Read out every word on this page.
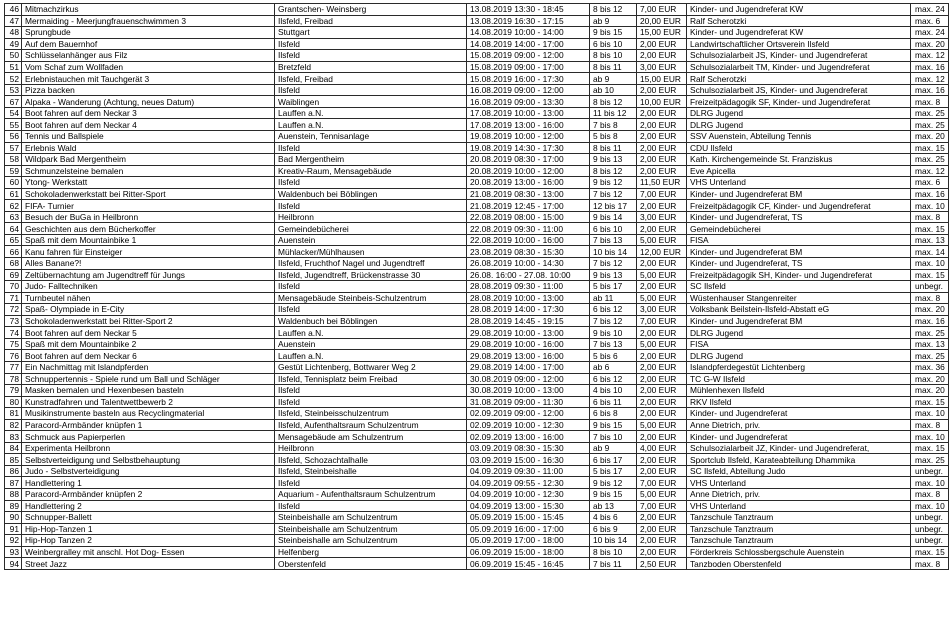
46	Mitmachzirkus	Grantschen- Weinsberg	13.08.2019 13:30 - 18:45	8 bis 12	7,00 EUR	Kinder- und Jugendreferat KW	max. 24
47	Mermaiding - Meerjungfrauenschwimmen 3	Ilsfeld, Freibad	13.08.2019 16:30 - 17:15	ab 9	20,00 EUR	Ralf Scherotzki	max. 6
48	Sprungbude	Stuttgart	14.08.2019 10:00 - 14:00	9 bis 15	15,00 EUR	Kinder- und Jugendreferat KW	max. 24
49	Auf dem Bauernhof	Ilsfeld	14.08.2019 14:00 - 17:00	6 bis 10	2,00 EUR	Landwirtschaftlicher Ortsverein Ilsfeld	max. 20
50	Schlüsselanhänger aus Filz	Ilsfeld	15.08.2019 09:00 - 12:00	8 bis 10	2,00 EUR	Schulsozialarbeit JS, Kinder- und Jugendreferat	max. 12
51	Vom Schaf zum Wollfaden	Bretzfeld	15.08.2019 09:00 - 17:00	8 bis 11	3,00 EUR	Schulsozialarbeit TM, Kinder- und Jugendreferat	max. 16
52	Erlebnistauchen mit Tauchgerät 3	Ilsfeld, Freibad	15.08.2019 16:00 - 17:30	ab 9	15,00 EUR	Ralf Scherotzki	max. 12
53	Pizza backen	Ilsfeld	16.08.2019 09:00 - 12:00	ab 10	2,00 EUR	Schulsozialarbeit JS, Kinder- und Jugendreferat	max. 16
67	Alpaka - Wanderung (Achtung, neues Datum)	Waiblingen	16.08.2019 09:00 - 13:30	8 bis 12	10,00 EUR	Freizeitpädagogik SF, Kinder- und Jugendreferat	max. 8
54	Boot fahren auf dem Neckar 3	Lauffen a.N.	17.08.2019 10:00 - 13:00	11 bis 12	2,00 EUR	DLRG Jugend	max. 25
55	Boot fahren auf dem Neckar 4	Lauffen a.N.	17.08.2019 13:00 - 16:00	7 bis 8	2,00 EUR	DLRG Jugend	max. 25
56	Tennis und Ballspiele	Auenstein, Tennisanlage	19.08.2019 10:00 - 12:00	5 bis 8	2,00 EUR	SSV Auenstein, Abteilung Tennis	max. 20
57	Erlebnis Wald	Ilsfeld	19.08.2019 14:30 - 17:30	8 bis 11	2,00 EUR	CDU Ilsfeld	max. 15
58	Wildpark Bad Mergentheim	Bad Mergentheim	20.08.2019 08:30 - 17:00	9 bis 13	2,00 EUR	Kath. Kirchengemeinde St. Franziskus	max. 25
59	Schmunzelsteine bemalen	Kreativ-Raum, Mensagebäude	20.08.2019 10:00 - 12:00	8 bis 12	2,00 EUR	Eve Apicella	max. 12
60	Ytong- Werkstatt	Ilsfeld	20.08.2019 13:00 - 16:00	9 bis 12	11,50 EUR	VHS Unterland	max. 6
61	Schokoladenwerkstatt bei Ritter-Sport	Waldenbuch bei Böblingen	21.08.2019 08:30 - 13:00	7 bis 12	7,00 EUR	Kinder- und Jugendreferat BM	max. 16
62	FIFA- Turnier	Ilsfeld	21.08.2019 12:45 - 17:00	12 bis 17	2,00 EUR	Freizeitpädagogik CF, Kinder- und Jugendreferat	max. 10
63	Besuch der BuGa in Heilbronn	Heilbronn	22.08.2019 08:00 - 15:00	9 bis 14	3,00 EUR	Kinder- und Jugendreferat, TS	max. 8
64	Geschichten aus dem Bücherkoffer	Gemeindebücherei	22.08.2019 09:30 - 11:00	6 bis 10	2,00 EUR	Gemeindebücherei	max. 15
65	Spaß mit dem Mountainbike 1	Auenstein	22.08.2019 10:00 - 16:00	7 bis 13	5,00 EUR	FISA	max. 13
66	Kanu fahren für Einsteiger	Mühlacker/Mühlhausen	23.08.2019 08:30 - 15:30	10 bis 14	12,00 EUR	Kinder- und Jugendreferat BM	max. 14
68	Alles Banane?!	Ilsfeld, Fruchthof Nagel und Jugendtreff	26.08.2019 10:00 - 14:30	7 bis 12	2,00 EUR	Kinder- und Jugendreferat, TS	max. 10
69	Zeltübernachtung am Jugendtreff für Jungs	Ilsfeld, Jugendtreff, Brückenstrasse 30	26.08. 16:00 - 27.08. 10:00	9 bis 13	5,00 EUR	Freizeitpädagogik SH, Kinder- und Jugendreferat	max. 15
70	Judo- Falltechniken	Ilsfeld	28.08.2019 09:30 - 11:00	5 bis 17	2,00 EUR	SC Ilsfeld	unbegr.
71	Turnbeutel nähen	Mensagebäude Steinbeis-Schulzentrum	28.08.2019 10:00 - 13:00	ab 11	5,00 EUR	Wüstenhauser Stangenreiter	max. 8
72	Spaß- Olympiade in E-City	Ilsfeld	28.08.2019 14:00 - 17:30	6 bis 12	3,00 EUR	Volksbank Beilstein-Ilsfeld-Abstatt eG	max. 20
73	Schokoladenwerkstatt bei Ritter-Sport 2	Waldenbuch bei Böblingen	28.08.2019 14:45 - 19:15	7 bis 12	7,00 EUR	Kinder- und Jugendreferat BM	max. 16
74	Boot fahren auf dem Neckar 5	Lauffen a.N.	29.08.2019 10:00 - 13:00	9 bis 10	2,00 EUR	DLRG Jugend	max. 25
75	Spaß mit dem Mountainbike 2	Auenstein	29.08.2019 10:00 - 16:00	7 bis 13	5,00 EUR	FISA	max. 13
76	Boot fahren auf dem Neckar 6	Lauffen a.N.	29.08.2019 13:00 - 16:00	5 bis 6	2,00 EUR	DLRG Jugend	max. 25
77	Ein Nachmittag mit Islandpferden	Gestüt Lichtenberg, Bottwarer Weg 2	29.08.2019 14:00 - 17:00	ab 6	2,00 EUR	Islandpferdegestüt Lichtenberg	max. 36
78	Schnuppertennis - Spiele rund um Ball und Schläger	Ilsfeld, Tennisplatz beim Freibad	30.08.2019 09:00 - 12:00	6 bis 12	2,00 EUR	TC G-W Ilsfeld	max. 20
79	Masken bemalen und Hexenbesen basteln	Ilsfeld	30.08.2019 10:00 - 13:00	4 bis 10	2,00 EUR	Mühlenhexen Ilsfeld	max. 20
80	Kunstradfahren und Talentwettbewerb 2	Ilsfeld	31.08.2019 09:00 - 11:30	6 bis 11	2,00 EUR	RKV Ilsfeld	max. 15
81	Musikinstrumente basteln aus Recyclingmaterial	Ilsfeld, Steinbeisschulzentrum	02.09.2019 09:00 - 12:00	6 bis 8	2,00 EUR	Kinder- und Jugendreferat	max. 10
82	Paracord-Armbänder knüpfen 1	Ilsfeld, Aufenthaltsraum Schulzentrum	02.09.2019 10:00 - 12:30	9 bis 15	5,00 EUR	Anne Dietrich, priv.	max. 8
83	Schmuck aus Papierperlen	Mensagebäude am Schulzentrum	02.09.2019 13:00 - 16:00	7 bis 10	2,00 EUR	Kinder- und Jugendreferat	max. 10
84	Experimenta Heilbronn	Heilbronn	03.09.2019 08:30 - 15:30	ab 9	4,00 EUR	Schulsozialarbeit JZ, Kinder- und Jugendreferat,	max. 15
85	Selbstverteidigung und Selbstbehauptung	Ilsfeld, Schozachtalhalle	03.09.2019 15:00 - 16:30	6 bis 17	2,00 EUR	Sportclub Ilsfeld, Karateabteilung Dhammika	max. 25
86	Judo - Selbstverteidigung	Ilsfeld, Steinbeishalle	04.09.2019 09:30 - 11:00	5 bis 17	2,00 EUR	SC Ilsfeld, Abteilung Judo	unbegr.
87	Handlettering 1	Ilsfeld	04.09.2019 09:55 - 12:30	9 bis 12	7,00 EUR	VHS Unterland	max. 10
88	Paracord-Armbänder knüpfen 2	Aquarium - Aufenthaltsraum Schulzentrum	04.09.2019 10:00 - 12:30	9 bis 15	5,00 EUR	Anne Dietrich, priv.	max. 8
89	Handlettering 2	Ilsfeld	04.09.2019 13:00 - 15:30	ab 13	7,00 EUR	VHS Unterland	max. 10
90	Schnupper-Ballett	Steinbeishalle am Schulzentrum	05.09.2019 15:00 - 15:45	4 bis 6	2,00 EUR	Tanzschule Tanztraum	unbegr.
91	Hip-Hop-Tanzen 1	Steinbeishalle am Schulzentrum	05.09.2019 16:00 - 17:00	6 bis 9	2,00 EUR	Tanzschule Tanztraum	unbegr.
92	Hip-Hop Tanzen 2	Steinbeishalle am Schulzentrum	05.09.2019 17:00 - 18:00	10 bis 14	2,00 EUR	Tanzschule Tanztraum	unbegr.
93	Weinbergralley mit anschl. Hot Dog- Essen	Helfenberg	06.09.2019 15:00 - 18:00	8 bis 10	2,00 EUR	Förderkreis Schlossbergschule Auenstein	max. 15
94	Street Jazz	Oberstenfeld	06.09.2019 15:45 - 16:45	7 bis 11	2,50 EUR	Tanzboden Oberstenfeld	max. 8
